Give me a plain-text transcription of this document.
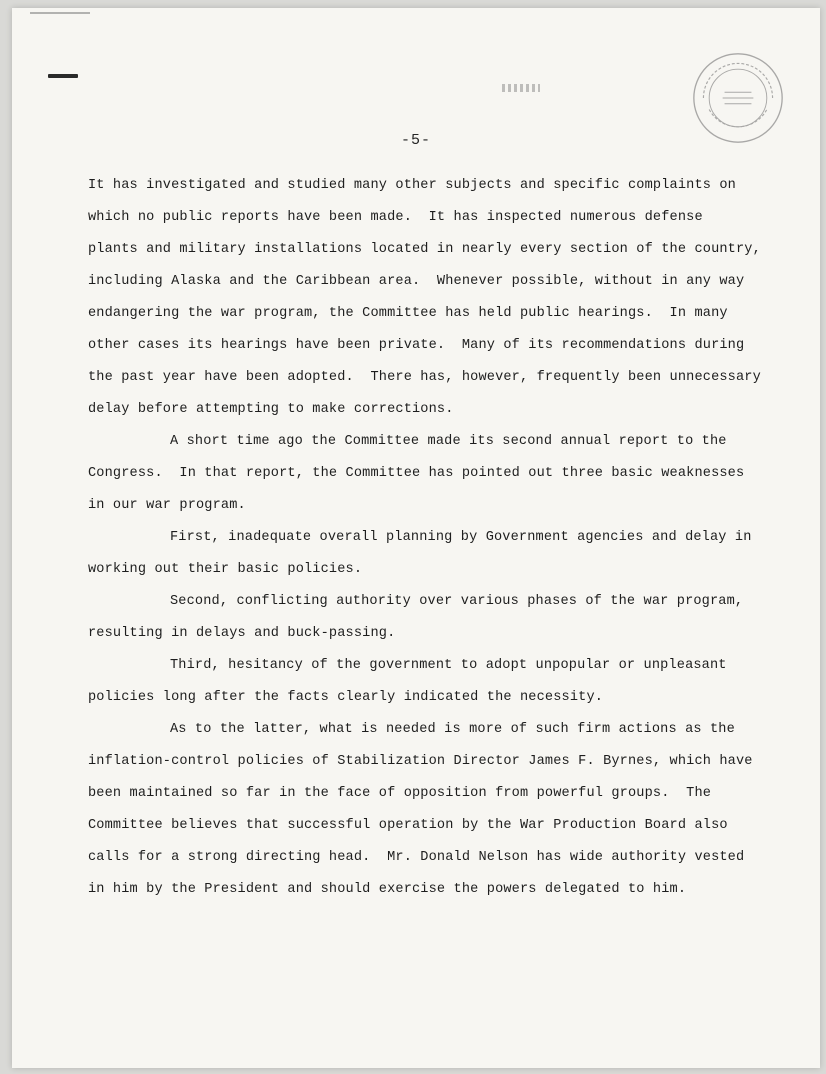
-5-
It has investigated and studied many other subjects and specific complaints on
which no public reports have been made.  It has inspected numerous defense
plants and military installations located in nearly every section of the country,
including Alaska and the Caribbean area.  Whenever possible, without in any way
endangering the war program, the Committee has held public hearings.  In many
other cases its hearings have been private.  Many of its recommendations during
the past year have been adopted.  There has, however, frequently been unnecessary
delay before attempting to make corrections.
A short time ago the Committee made its second annual report to the
Congress.  In that report, the Committee has pointed out three basic weaknesses
in our war program.
First, inadequate overall planning by Government agencies and delay in
working out their basic policies.
Second, conflicting authority over various phases of the war program,
resulting in delays and buck-passing.
Third, hesitancy of the government to adopt unpopular or unpleasant
policies long after the facts clearly indicated the necessity.
As to the latter, what is needed is more of such firm actions as the
inflation-control policies of Stabilization Director James F. Byrnes, which have
been maintained so far in the face of opposition from powerful groups.  The
Committee believes that successful operation by the War Production Board also
calls for a strong directing head.  Mr. Donald Nelson has wide authority vested
in him by the President and should exercise the powers delegated to him.
